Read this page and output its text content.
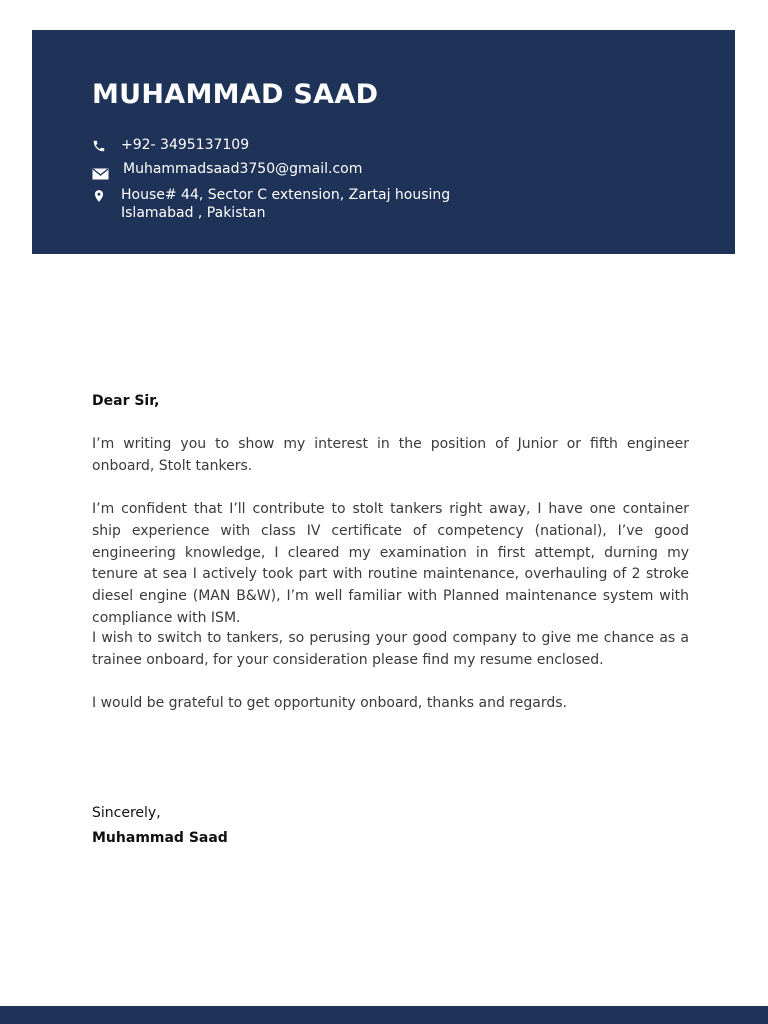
MUHAMMAD SAAD
+92- 3495137109
Muhammadsaad3750@gmail.com
House# 44, Sector C extension, Zartaj housing Islamabad , Pakistan
Dear Sir,

I’m writing you to show my interest in the position of Junior or fifth engineer onboard, Stolt tankers.

I’m confident that I’ll contribute to stolt tankers right away, I have one container ship experience with class IV certificate of competency (national), I’ve good engineering knowledge, I cleared my examination in first attempt, durning my tenure at sea I actively took part with routine maintenance, overhauling of 2 stroke diesel engine (MAN B&W), I’m well familiar with Planned maintenance system with compliance with ISM.

I wish to switch to tankers, so perusing your good company to give me chance as a trainee onboard, for your consideration please find my resume enclosed.

I would be grateful to get opportunity onboard, thanks and regards.

Sincerely,
Muhammad Saad
